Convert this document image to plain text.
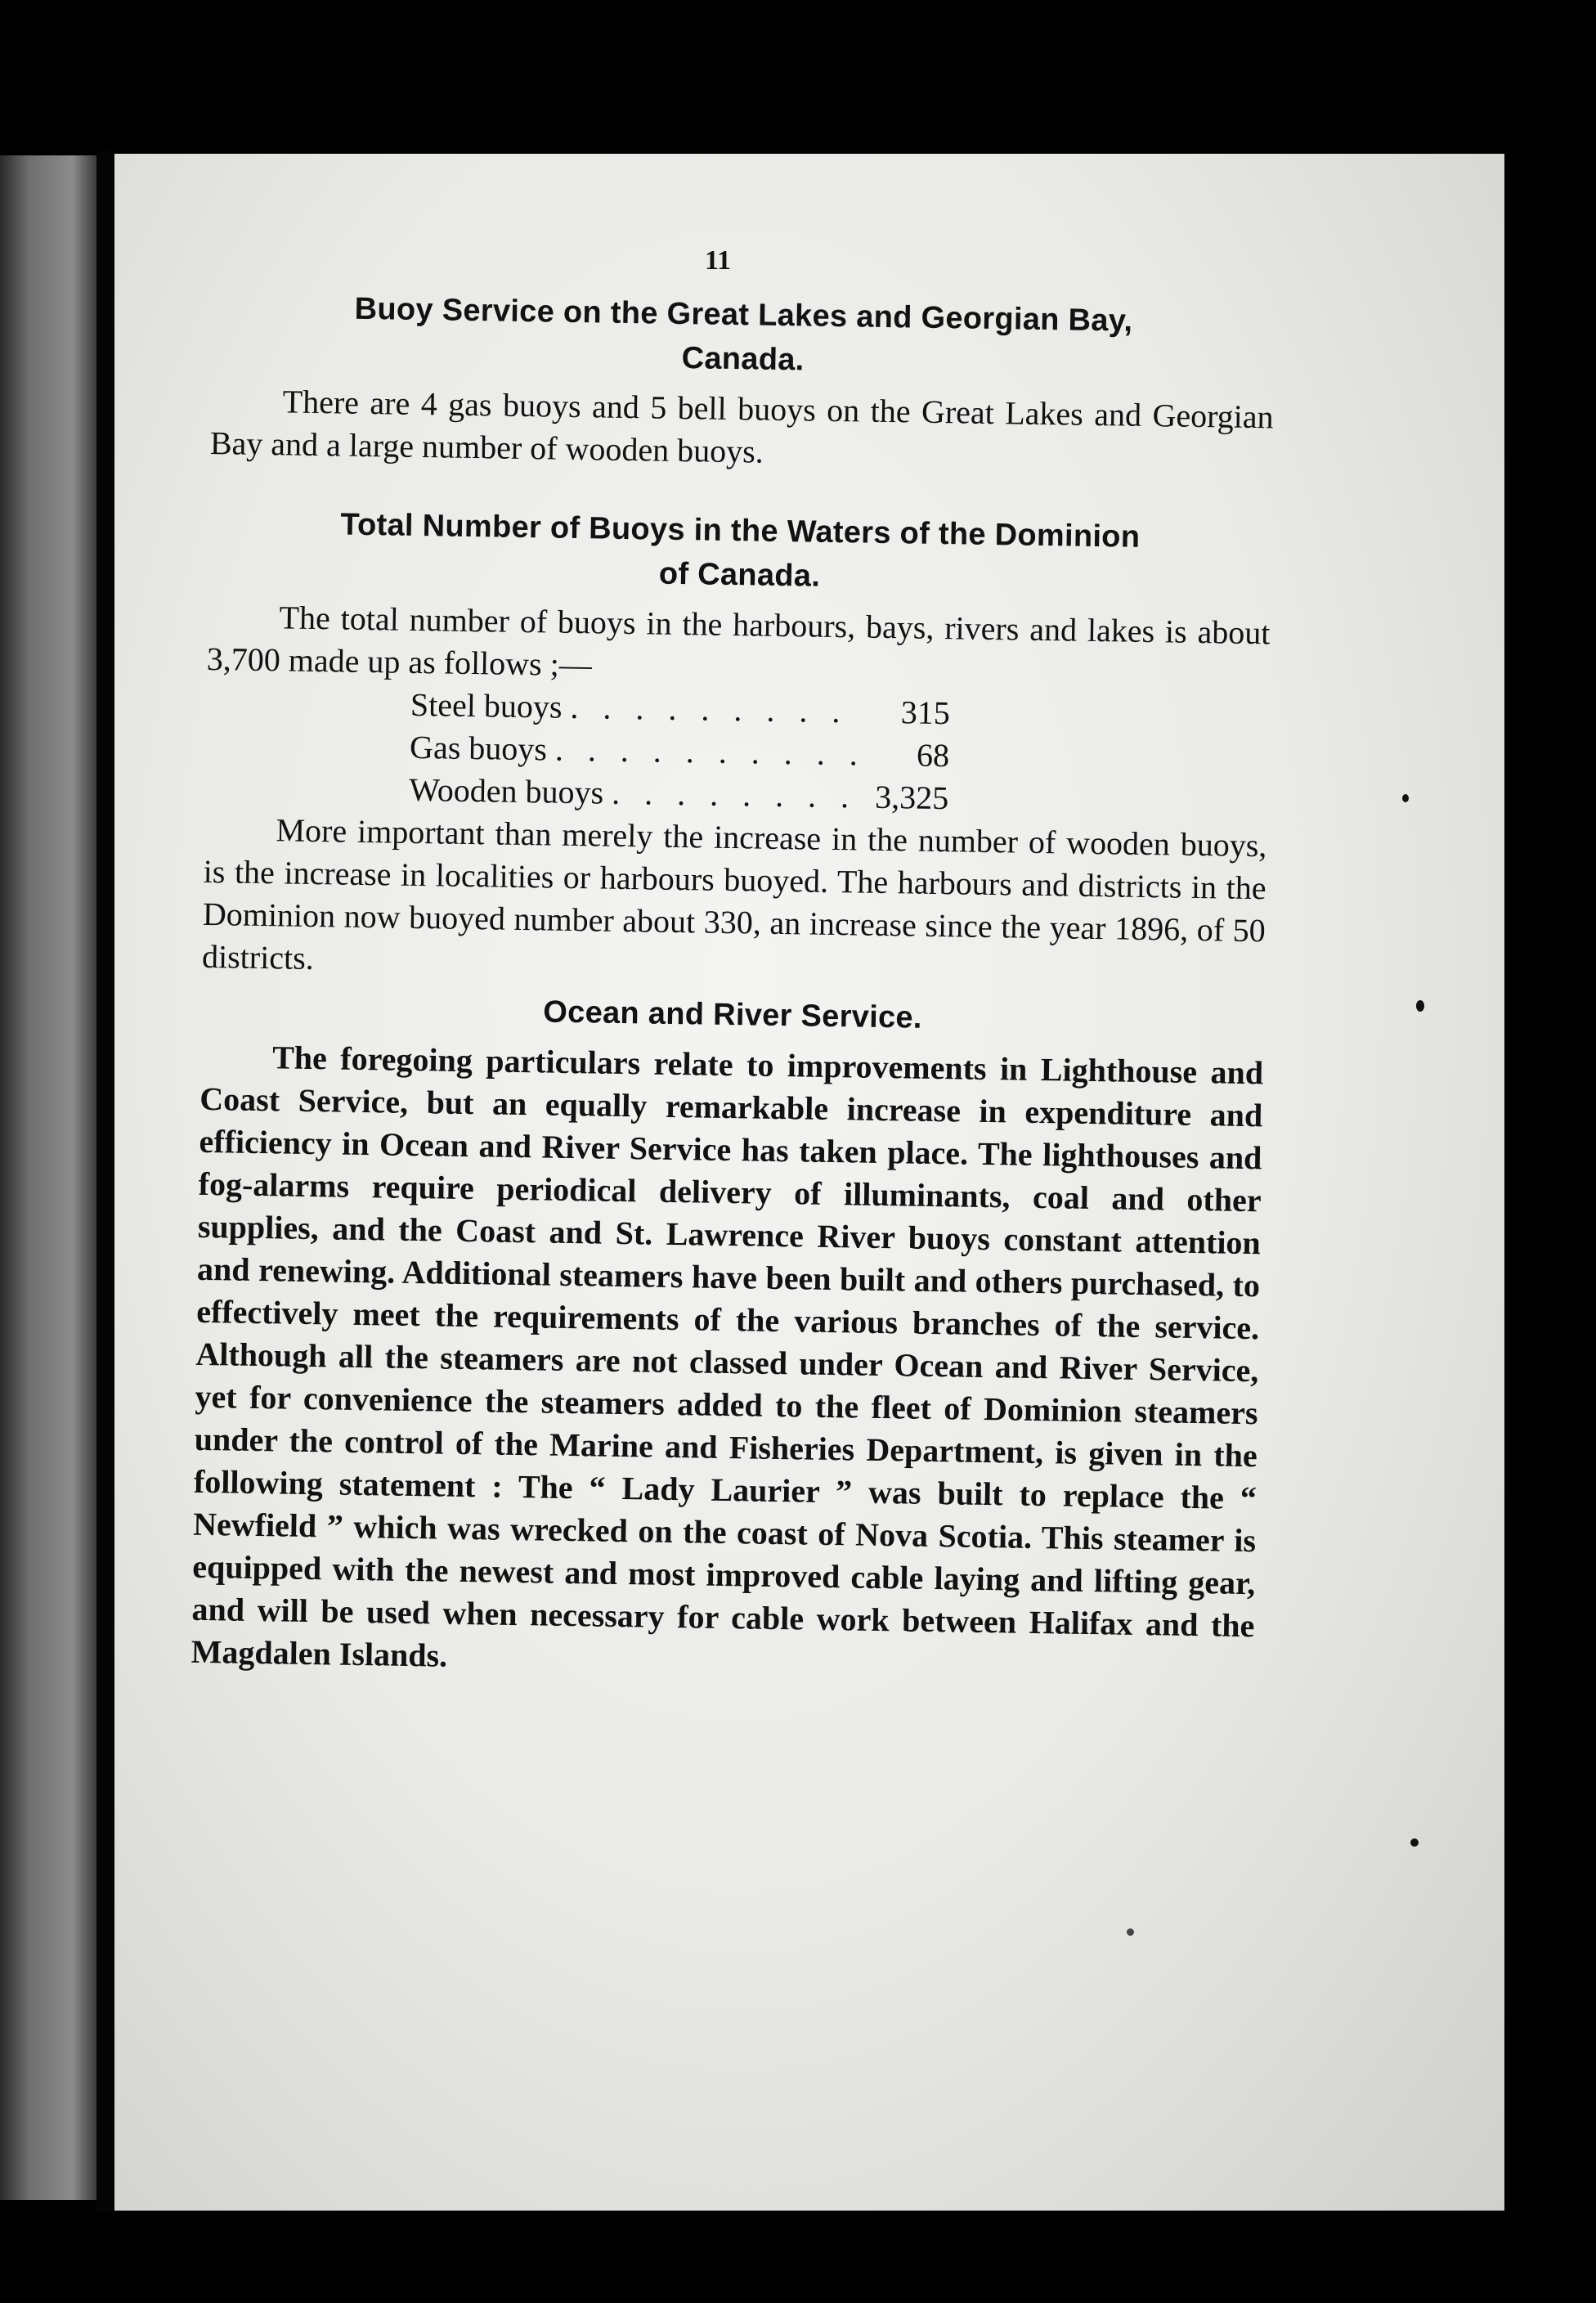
11
Buoy Service on the Great Lakes and Georgian Bay,
Canada.

There are 4 gas buoys and 5 bell buoys on the Great Lakes and Georgian Bay and a large number of wooden buoys.

Total Number of Buoys in the Waters of the Dominion
of Canada.

The total number of buoys in the harbours, bays, rivers and lakes is about 3,700 made up as follows ;—

Steel buoys . . .	315
Gas buoys . . .	68
Wooden buoys . . .	3,325

More important than merely the increase in the number of wooden buoys, is the increase in localities or harbours buoyed. The harbours and districts in the Dominion now buoyed number about 330, an increase since the year 1896, of 50 districts.

Ocean and River Service.

The foregoing particulars relate to improvements in Lighthouse and Coast Service, but an equally remarkable increase in expenditure and efficiency in Ocean and River Service has taken place. The lighthouses and fog-alarms require periodical delivery of illuminants, coal and other supplies, and the Coast and St. Lawrence River buoys constant attention and renewing. Additional steamers have been built and others purchased, to effectively meet the requirements of the various branches of the service. Although all the steamers are not classed under Ocean and River Service, yet for convenience the steamers added to the fleet of Dominion steamers under the control of the Marine and Fisheries Department, is given in the following statement : The “ Lady Laurier ” was built to replace the “ Newfield ” which was wrecked on the coast of Nova Scotia. This steamer is equipped with the newest and most improved cable laying and lifting gear, and will be used when necessary for cable work between Halifax and the Magdalen Islands.
